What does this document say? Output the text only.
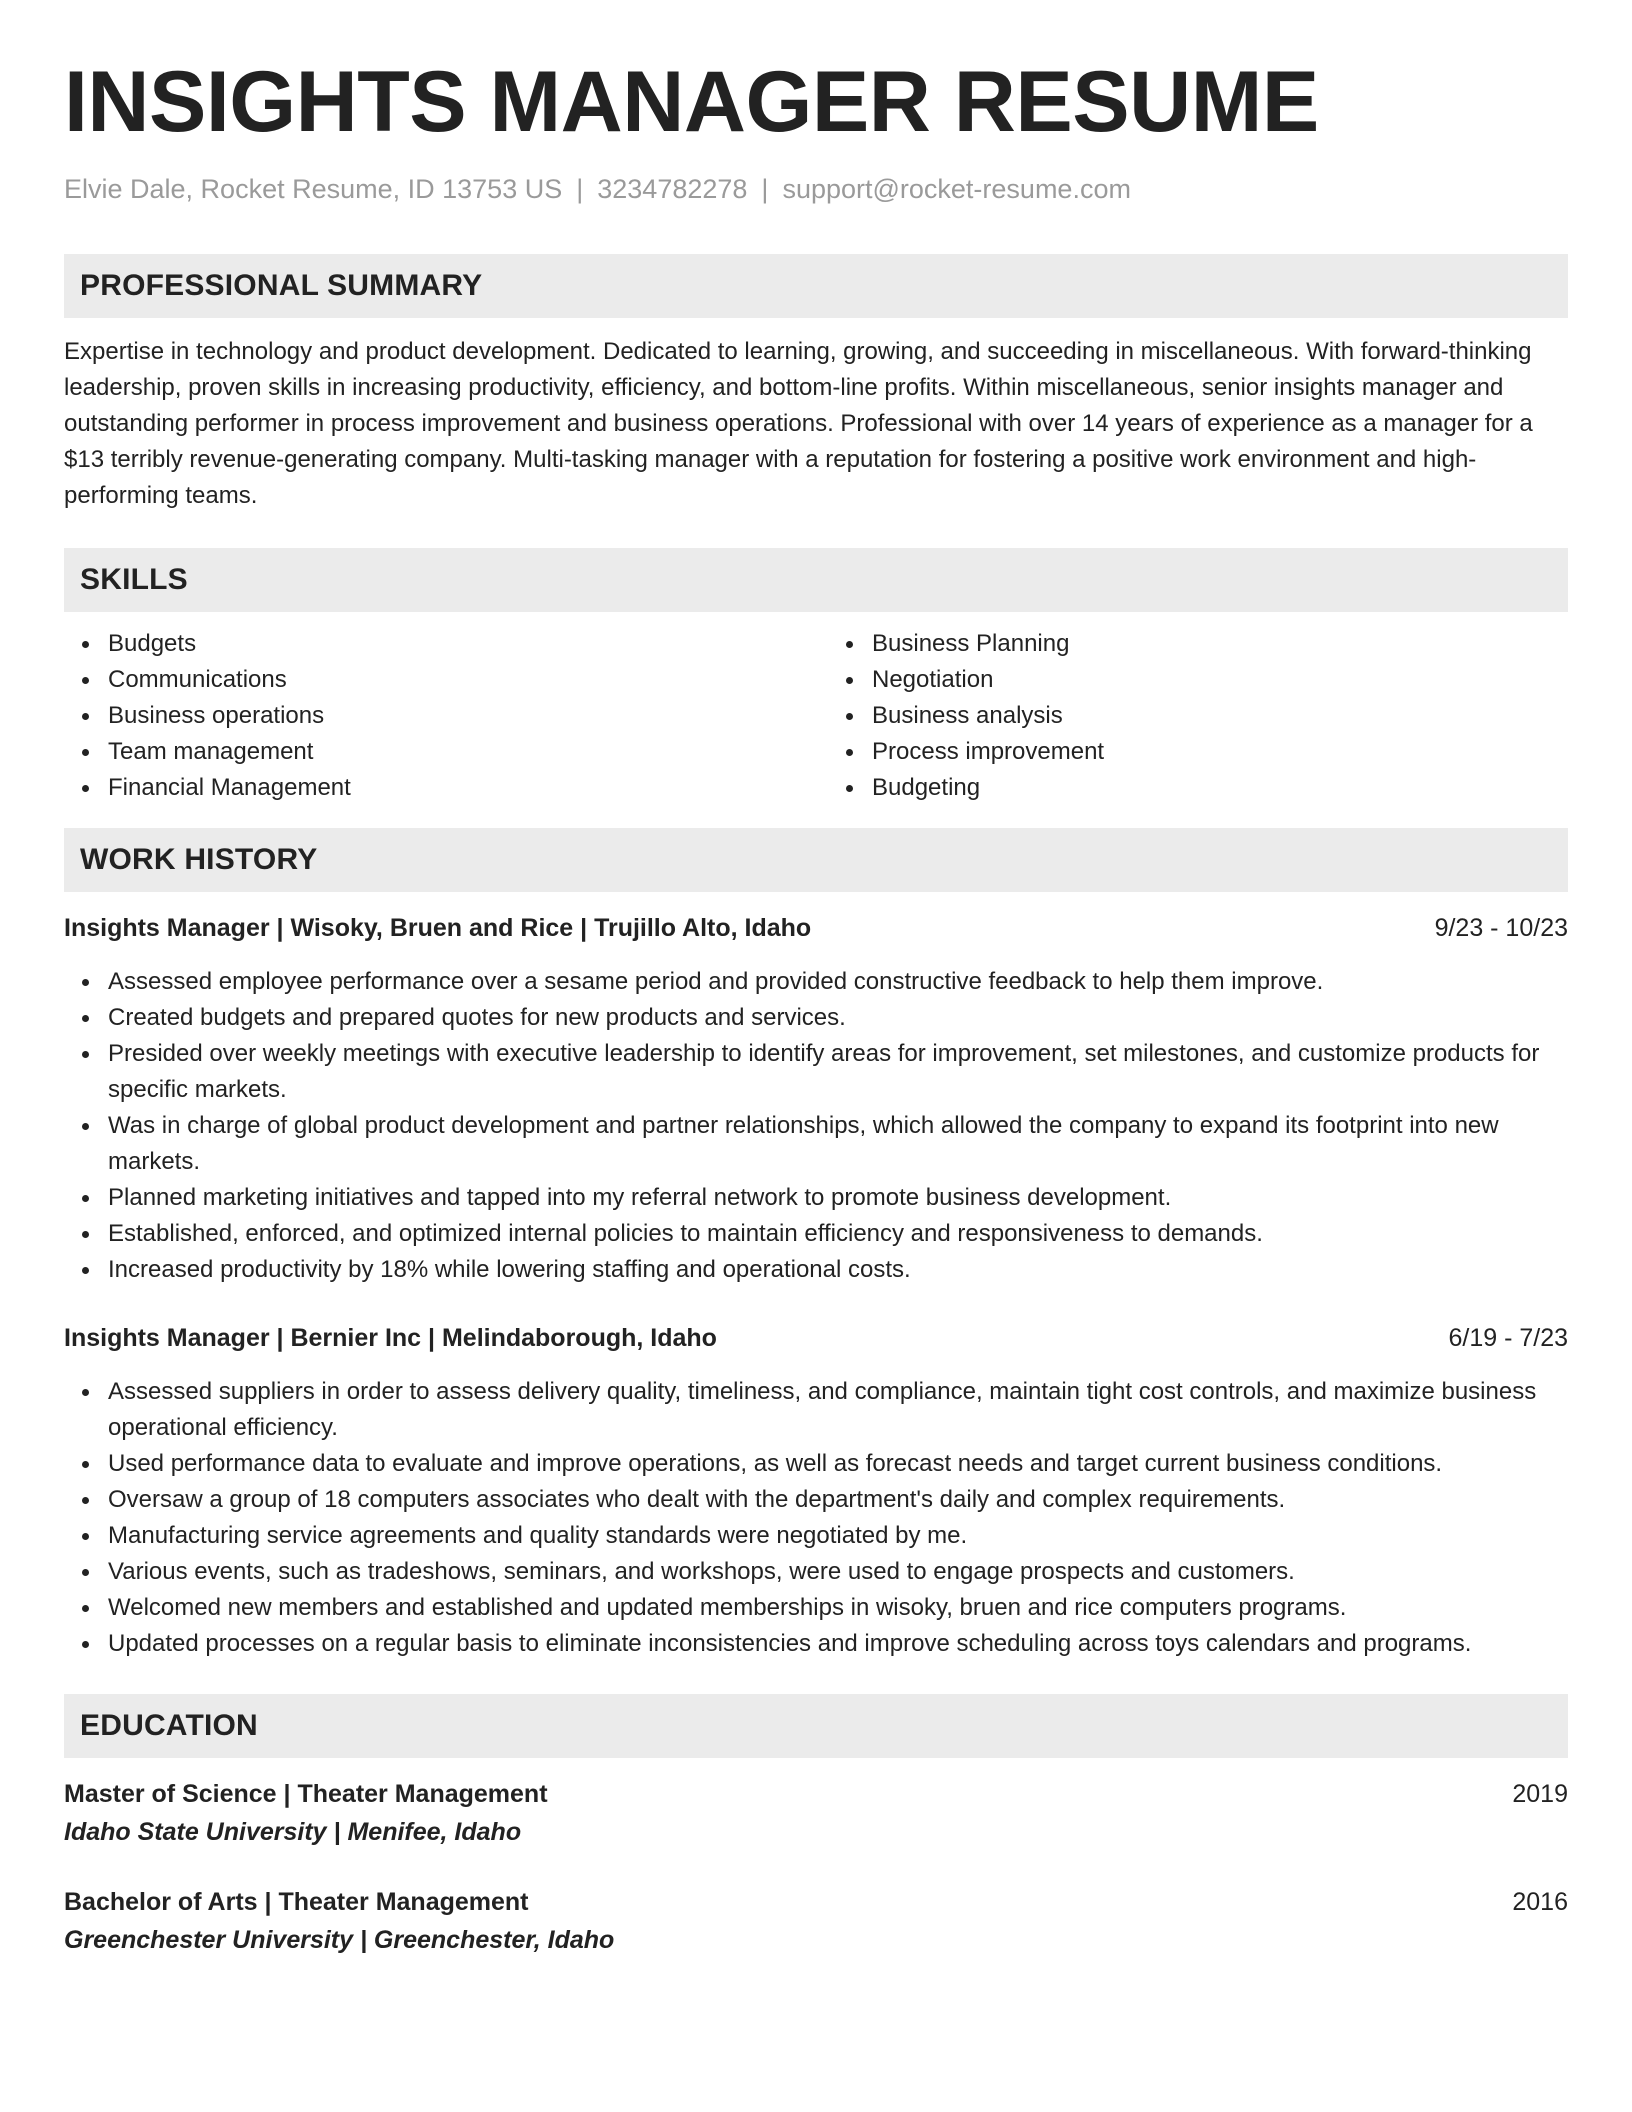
INSIGHTS MANAGER RESUME
Elvie Dale, Rocket Resume, ID 13753 US | 3234782278 | support@rocket-resume.com
PROFESSIONAL SUMMARY
Expertise in technology and product development. Dedicated to learning, growing, and succeeding in miscellaneous. With forward-thinking leadership, proven skills in increasing productivity, efficiency, and bottom-line profits. Within miscellaneous, senior insights manager and outstanding performer in process improvement and business operations. Professional with over 14 years of experience as a manager for a $13 terribly revenue-generating company. Multi-tasking manager with a reputation for fostering a positive work environment and high-performing teams.
SKILLS
Budgets
Communications
Business operations
Team management
Financial Management
Business Planning
Negotiation
Business analysis
Process improvement
Budgeting
WORK HISTORY
Insights Manager | Wisoky, Bruen and Rice | Trujillo Alto, Idaho	9/23 - 10/23
Assessed employee performance over a sesame period and provided constructive feedback to help them improve.
Created budgets and prepared quotes for new products and services.
Presided over weekly meetings with executive leadership to identify areas for improvement, set milestones, and customize products for specific markets.
Was in charge of global product development and partner relationships, which allowed the company to expand its footprint into new markets.
Planned marketing initiatives and tapped into my referral network to promote business development.
Established, enforced, and optimized internal policies to maintain efficiency and responsiveness to demands.
Increased productivity by 18% while lowering staffing and operational costs.
Insights Manager | Bernier Inc | Melindaborough, Idaho	6/19 - 7/23
Assessed suppliers in order to assess delivery quality, timeliness, and compliance, maintain tight cost controls, and maximize business operational efficiency.
Used performance data to evaluate and improve operations, as well as forecast needs and target current business conditions.
Oversaw a group of 18 computers associates who dealt with the department's daily and complex requirements.
Manufacturing service agreements and quality standards were negotiated by me.
Various events, such as tradeshows, seminars, and workshops, were used to engage prospects and customers.
Welcomed new members and established and updated memberships in wisoky, bruen and rice computers programs.
Updated processes on a regular basis to eliminate inconsistencies and improve scheduling across toys calendars and programs.
EDUCATION
Master of Science | Theater Management	2019
Idaho State University | Menifee, Idaho
Bachelor of Arts | Theater Management	2016
Greenchester University | Greenchester, Idaho
